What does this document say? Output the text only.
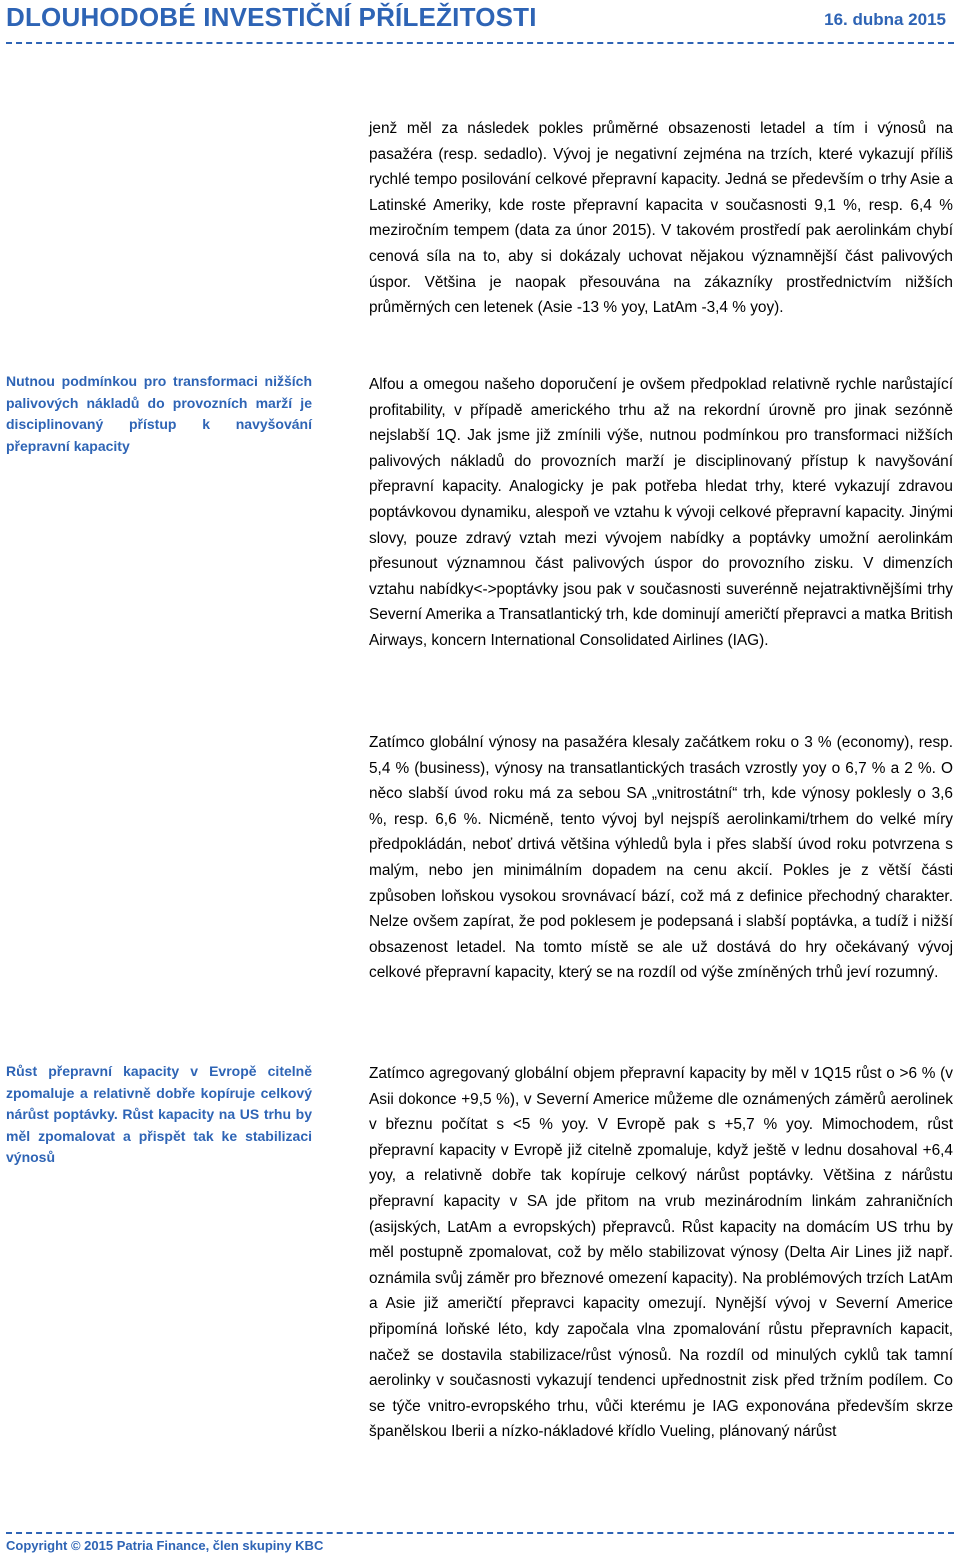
DLOUHODOBÉ INVESTIČNÍ PŘÍLEŽITOSTI	16. dubna 2015
jenž měl za následek pokles průměrné obsazenosti letadel a tím i výnosů na pasažéra (resp. sedadlo). Vývoj je negativní zejména na trzích, které vykazují příliš rychlé tempo posilování celkové přepravní kapacity. Jedná se především o trhy Asie a Latinské Ameriky, kde roste přepravní kapacita v současnosti 9,1 %, resp. 6,4 % meziročním tempem (data za únor 2015). V takovém prostředí pak aerolinkám chybí cenová síla na to, aby si dokázaly uchovat nějakou významnější část palivových úspor. Většina je naopak přesouvána na zákazníky prostřednictvím nižších průměrných cen letenek (Asie -13 % yoy, LatAm -3,4 % yoy).
Nutnou podmínkou pro transformaci nižších palivových nákladů do provozních marží je disciplinovaný přístup k navyšování přepravní kapacity
Alfou a omegou našeho doporučení je ovšem předpoklad relativně rychle narůstající profitability, v případě amerického trhu až na rekordní úrovně pro jinak sezónně nejslabší 1Q. Jak jsme již zmínili výše, nutnou podmínkou pro transformaci nižších palivových nákladů do provozních marží je disciplinovaný přístup k navyšování přepravní kapacity. Analogicky je pak potřeba hledat trhy, které vykazují zdravou poptávkovou dynamiku, alespoň ve vztahu k vývoji celkové přepravní kapacity. Jinými slovy, pouze zdravý vztah mezi vývojem nabídky a poptávky umožní aerolinkám přesunout významnou část palivových úspor do provozního zisku. V dimenzích vztahu nabídky<->poptávky jsou pak v současnosti suverénně nejatraktivnějšími trhy Severní Amerika a Transatlantický trh, kde dominují američtí přepravci a matka British Airways, koncern International Consolidated Airlines (IAG).
Zatímco globální výnosy na pasažéra klesaly začátkem roku o 3 % (economy), resp. 5,4 % (business), výnosy na transatlantických trasách vzrostly yoy o 6,7 % a 2 %. O něco slabší úvod roku má za sebou SA „vnitrostátní“ trh, kde výnosy poklesly o 3,6 %, resp. 6,6 %. Nicméně, tento vývoj byl nejspíš aerolinkami/trhem do velké míry předpokládán, neboť drtivá většina výhledů byla i přes slabší úvod roku potvrzena s malým, nebo jen minimálním dopadem na cenu akcií. Pokles je z větší části způsoben loňskou vysokou srovnávací bází, což má z definice přechodný charakter. Nelze ovšem zapírat, že pod poklesem je podepsaná i slabší poptávka, a tudíž i nižší obsazenost letadel. Na tomto místě se ale už dostává do hry očekávaný vývoj celkové přepravní kapacity, který se na rozdíl od výše zmíněných trhů jeví rozumný.
Růst přepravní kapacity v Evropě citelně zpomaluje a relativně dobře kopíruje celkový nárůst poptávky. Růst kapacity na US trhu by měl zpomalovat a přispět tak ke stabilizaci výnosů
Zatímco agregovaný globální objem přepravní kapacity by měl v 1Q15 růst o >6 % (v Asii dokonce +9,5 %), v Severní Americe můžeme dle oznámených záměrů aerolinek v březnu počítat s <5 % yoy. V Evropě pak s +5,7 % yoy. Mimochodem, růst přepravní kapacity v Evropě již citelně zpomaluje, když ještě v lednu dosahoval +6,4 yoy, a relativně dobře tak kopíruje celkový nárůst poptávky. Většina z nárůstu přepravní kapacity v SA jde přitom na vrub mezinárodním linkám zahraničních (asijských, LatAm a evropských) přepravců. Růst kapacity na domácím US trhu by měl postupně zpomalovat, což by mělo stabilizovat výnosy (Delta Air Lines již např. oznámila svůj záměr pro březnové omezení kapacity). Na problémových trzích LatAm a Asie již američtí přepravci kapacity omezují. Nynější vývoj v Severní Americe připomíná loňské léto, kdy započala vlna zpomalování růstu přepravních kapacit, načež se dostavila stabilizace/růst výnosů. Na rozdíl od minulých cyklů tak tamní aerolinky v současnosti vykazují tendenci upřednostnit zisk před tržním podílem. Co se týče vnitro-evropského trhu, vůči kterému je IAG exponována především skrze španělskou Iberii a nízko-nákladové křídlo Vueling, plánovaný nárůst
Copyright © 2015 Patria Finance, člen skupiny KBC
